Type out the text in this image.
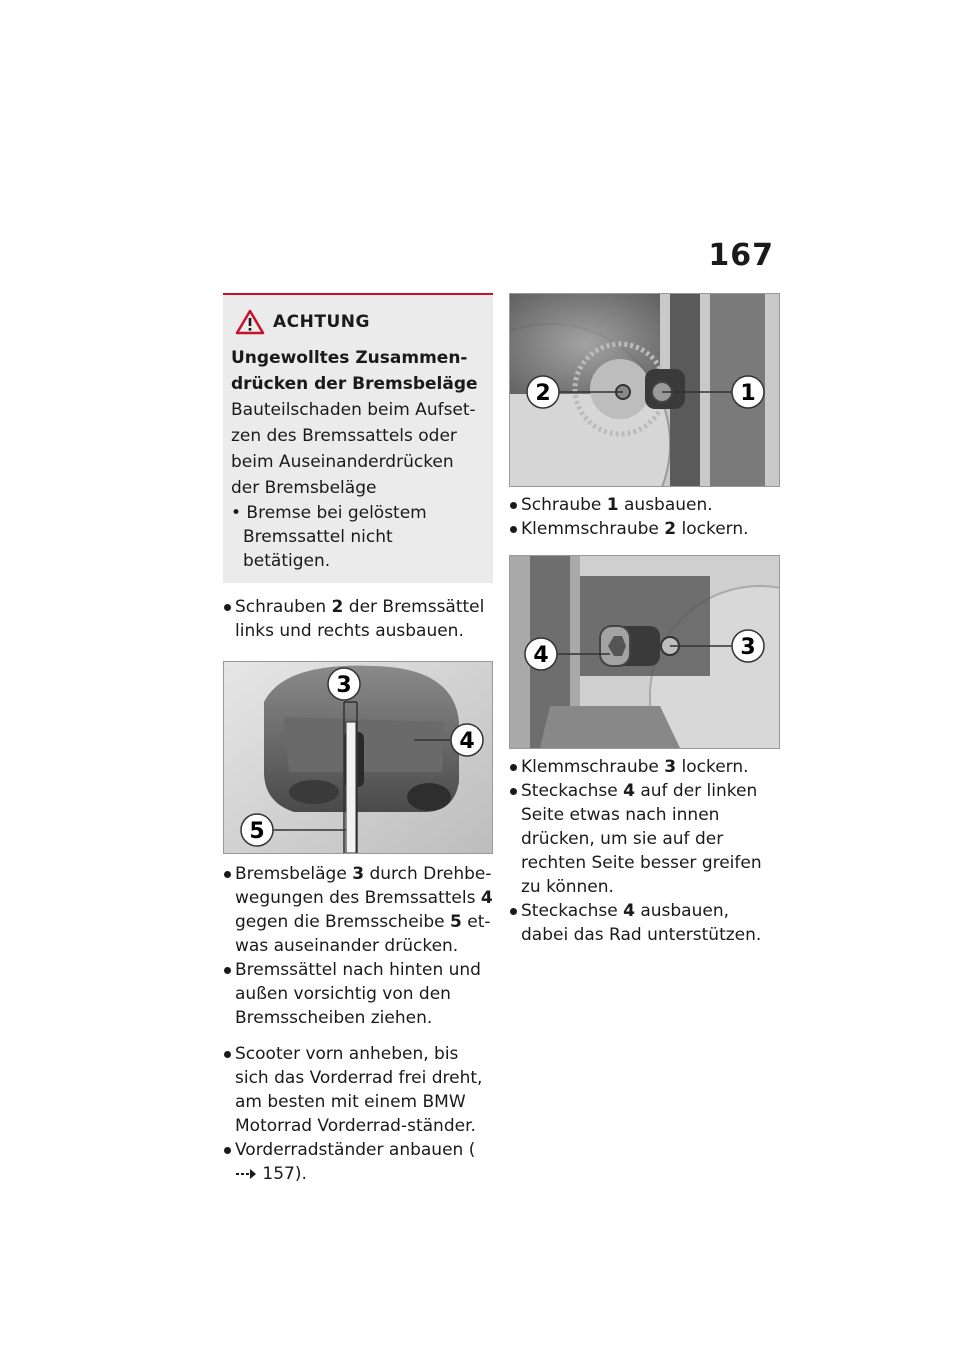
167
ACHTUNG
Ungewolltes Zusammen-drücken der Bremsbeläge
Bauteilschaden beim Aufset-zen des Bremssattels oder beim Auseinanderdrücken der Bremsbeläge
• Bremse bei gelöstem Bremssattel nicht betätigen.
Schrauben 2 der Bremssättel links und rechts ausbauen.
3
4
5
Bremsbeläge 3 durch Drehbe-wegungen des Bremssattels 4 gegen die Bremsscheibe 5 et-was auseinander drücken.
Bremssättel nach hinten und außen vorsichtig von den Bremsscheiben ziehen.
Scooter vorn anheben, bis sich das Vorderrad frei dreht, am besten mit einem BMW Motorrad Vorderrad-ständer.
Vorderradständer anbauen ( 157).
2	1
Schraube 1 ausbauen.
Klemmschraube 2 lockern.
4	3
Klemmschraube 3 lockern.
Steckachse 4 auf der linken Seite etwas nach innen drücken, um sie auf der rechten Seite besser greifen zu können.
Steckachse 4 ausbauen, dabei das Rad unterstützen.
